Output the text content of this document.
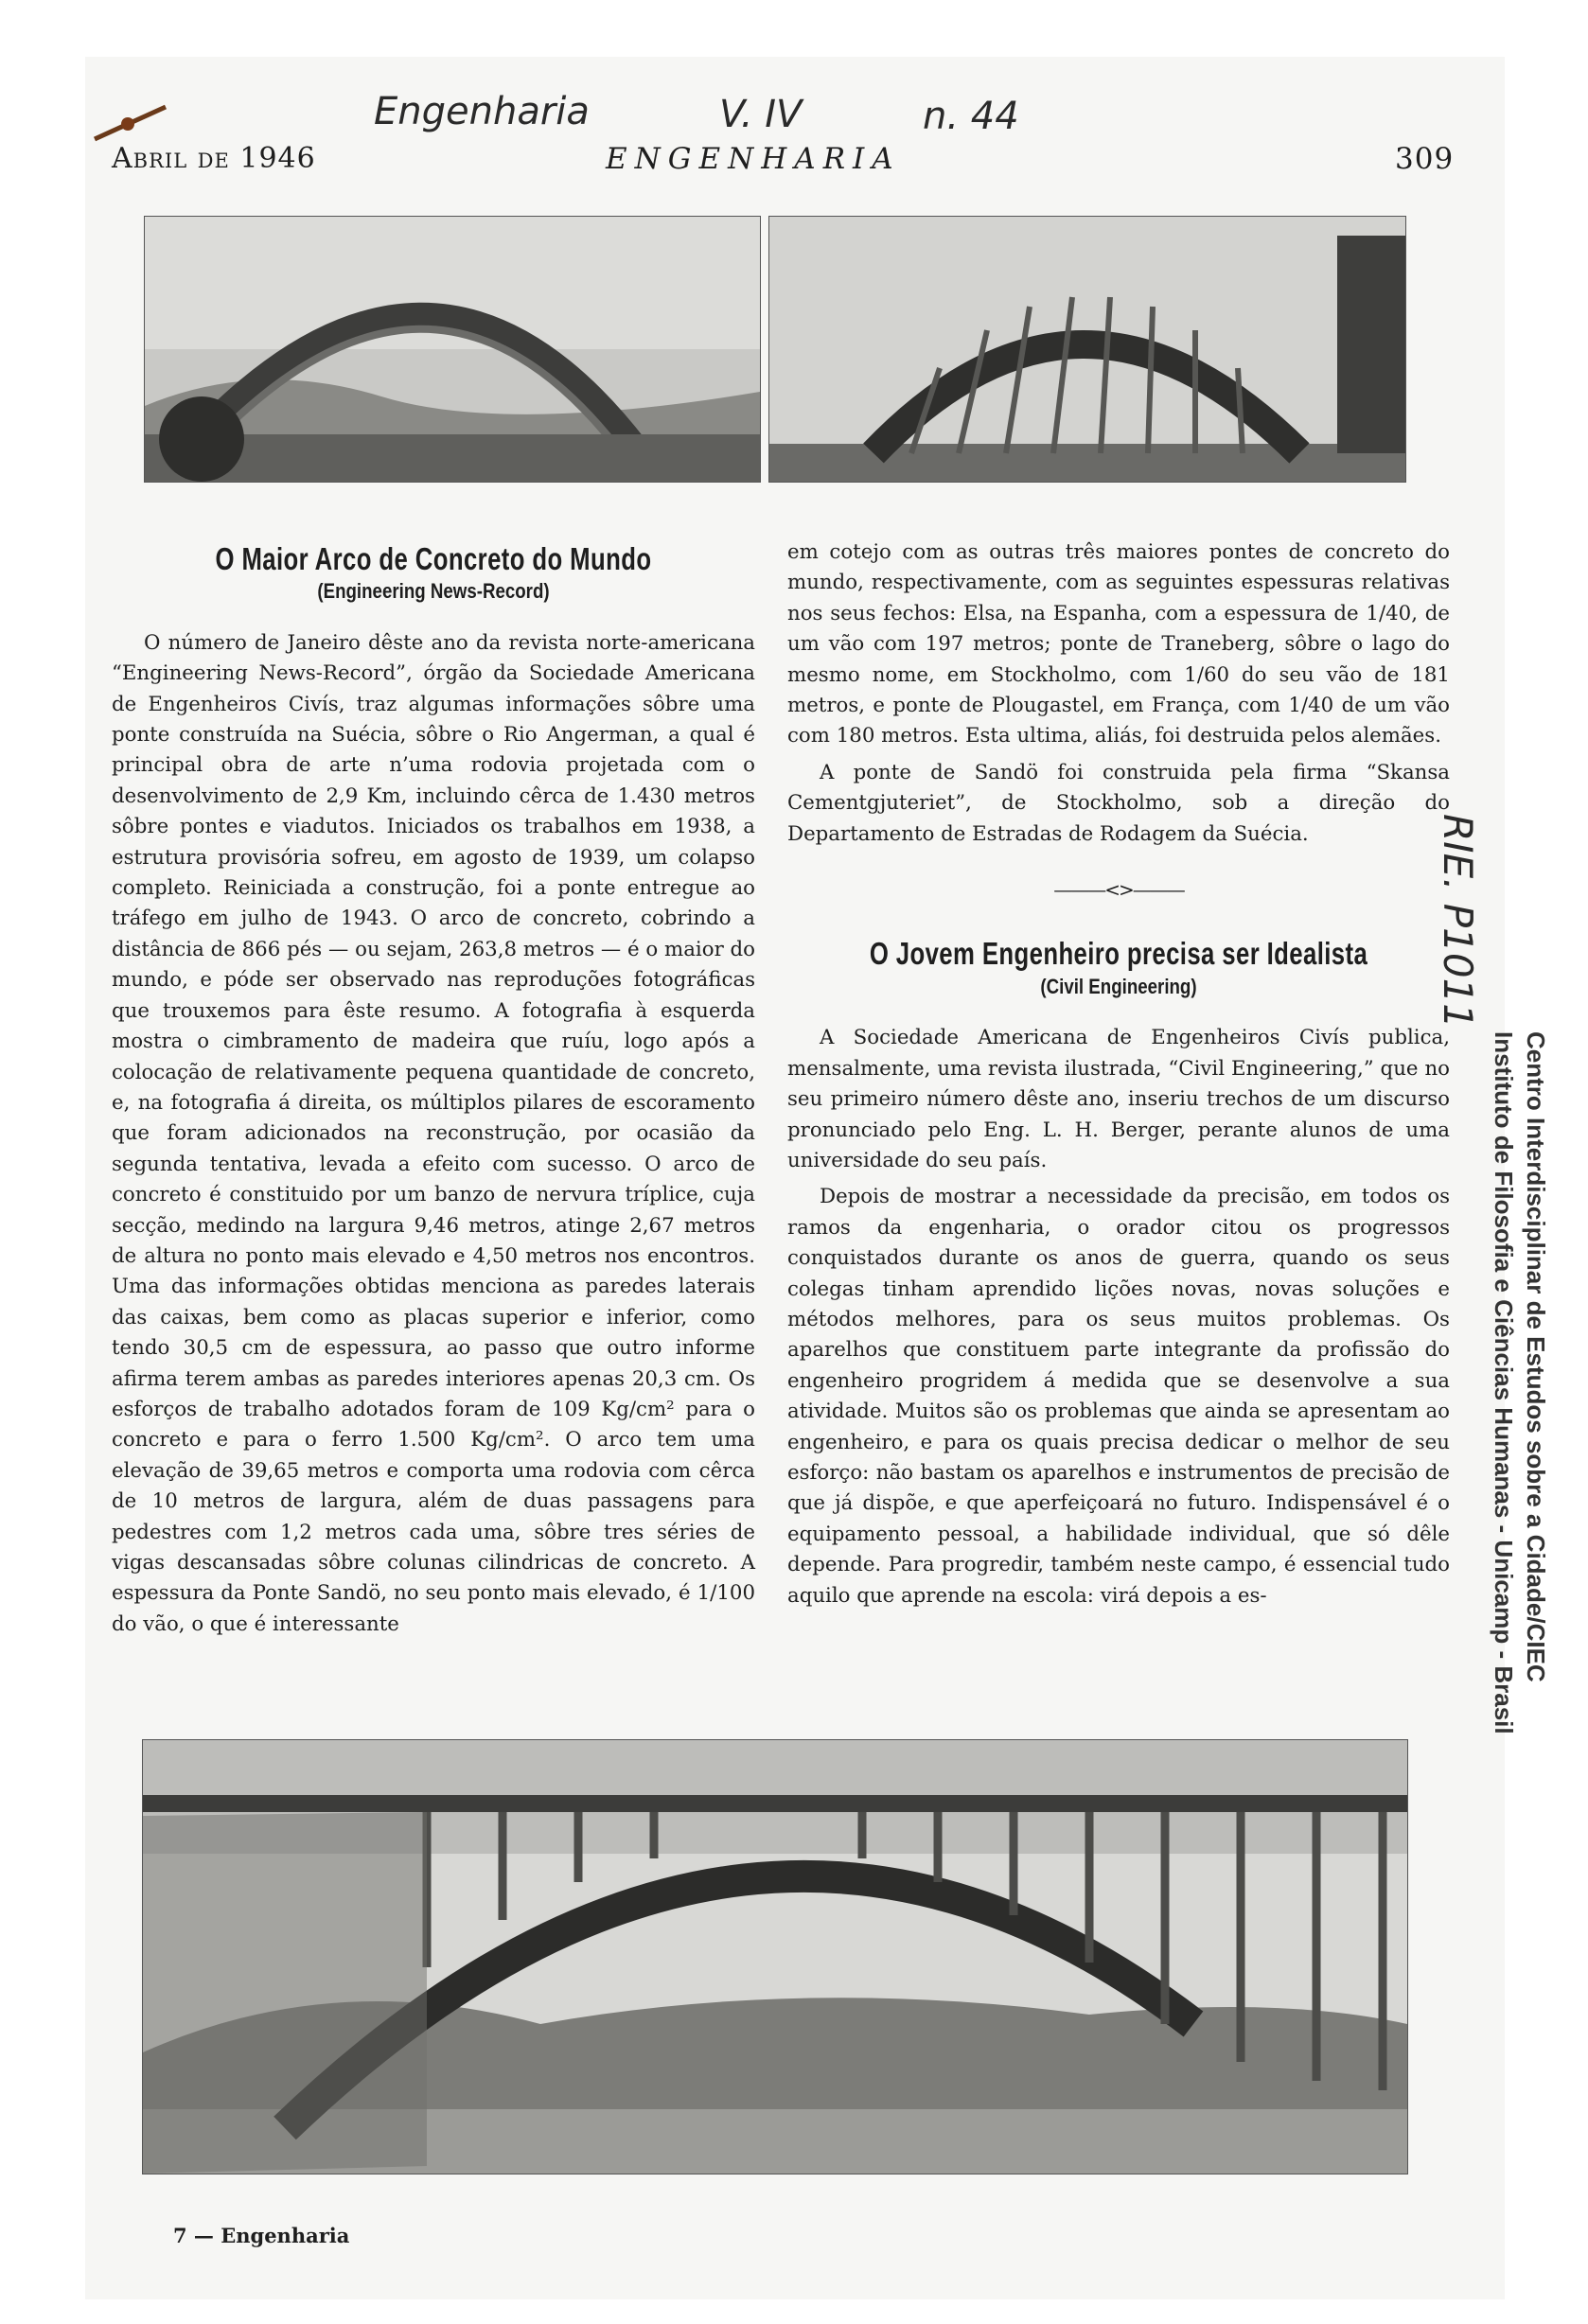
Engenharia	V. IV	n. 44
RIE. P1011
Abril de 1946	ENGENHARIA	309
O Maior Arco de Concreto do Mundo
(Engineering News-Record)

O número de Janeiro dêste ano da revista norte-americana “Engineering News-Record”, órgão da Sociedade Americana de Engenheiros Civís, traz algumas informações sôbre uma ponte construída na Suécia, sôbre o Rio Angerman, a qual é principal obra de arte n’uma rodovia projetada com o desenvolvimento de 2,9 Km, incluindo cêrca de 1.430 metros sôbre pontes e viadutos. Iniciados os trabalhos em 1938, a estrutura provisória sofreu, em agosto de 1939, um colapso completo. Reiniciada a construção, foi a ponte entregue ao tráfego em julho de 1943. O arco de concreto, cobrindo a distância de 866 pés — ou sejam, 263,8 metros — é o maior do mundo, e póde ser observado nas reproduções fotográficas que trouxemos para êste resumo. A fotografia à esquerda mostra o cimbramento de madeira que ruíu, logo após a colocação de relativamente pequena quantidade de concreto, e, na fotografia á direita, os múltiplos pilares de escoramento que foram adicionados na reconstrução, por ocasião da segunda tentativa, levada a efeito com sucesso. O arco de concreto é constituido por um banzo de nervura tríplice, cuja secção, medindo na largura 9,46 metros, atinge 2,67 metros de altura no ponto mais elevado e 4,50 metros nos encontros. Uma das informações obtidas menciona as paredes laterais das caixas, bem como as placas superior e inferior, como tendo 30,5 cm de espessura, ao passo que outro informe afirma terem ambas as paredes interiores apenas 20,3 cm. Os esforços de trabalho adotados foram de 109 Kg/cm² para o concreto e para o ferro 1.500 Kg/cm². O arco tem uma elevação de 39,65 metros e comporta uma rodovia com cêrca de 10 metros de largura, além de duas passagens para pedestres com 1,2 metros cada uma, sôbre tres séries de vigas descansadas sôbre colunas cilindricas de concreto. A espessura da Ponte Sandö, no seu ponto mais elevado, é 1/100 do vão, o que é interessante

em cotejo com as outras três maiores pontes de concreto do mundo, respectivamente, com as seguintes espessuras relativas nos seus fechos: Elsa, na Espanha, com a espessura de 1/40, de um vão com 197 metros; ponte de Traneberg, sôbre o lago do mesmo nome, em Stockholmo, com 1/60 do seu vão de 181 metros, e ponte de Plougastel, em França, com 1/40 de um vão com 180 metros. Esta ultima, aliás, foi destruida pelos alemães.

A ponte de Sandö foi construida pela firma “Skansa Cementgjuteriet”, de Stockholmo, sob a direção do Departamento de Estradas de Rodagem da Suécia.

———<>———
O Jovem Engenheiro precisa ser Idealista
(Civil Engineering)

A Sociedade Americana de Engenheiros Civís publica, mensalmente, uma revista ilustrada, “Civil Engineering,” que no seu primeiro número dêste ano, inseriu trechos de um discurso pronunciado pelo Eng. L. H. Berger, perante alunos de uma universidade do seu país.

Depois de mostrar a necessidade da precisão, em todos os ramos da engenharia, o orador citou os progressos conquistados durante os anos de guerra, quando os seus colegas tinham aprendido lições novas, novas soluções e métodos melhores, para os seus muitos problemas. Os aparelhos que constituem parte integrante da profissão do engenheiro progridem á medida que se desenvolve a sua atividade. Muitos são os problemas que ainda se apresentam ao engenheiro, e para os quais precisa dedicar o melhor de seu esforço: não bastam os aparelhos e instrumentos de precisão de que já dispõe, e que aperfeiçoará no futuro. Indispensável é o equipamento pessoal, a habilidade individual, que só dêle depende. Para progredir, também neste campo, é essencial tudo aquilo que aprende na escola: virá depois a es-	Centro Interdisciplinar de Estudos sobre a Cidade/CIEC
Instituto de Filosofia e Ciências Humanas - Unicamp - Brasil
7 — Engenharia
